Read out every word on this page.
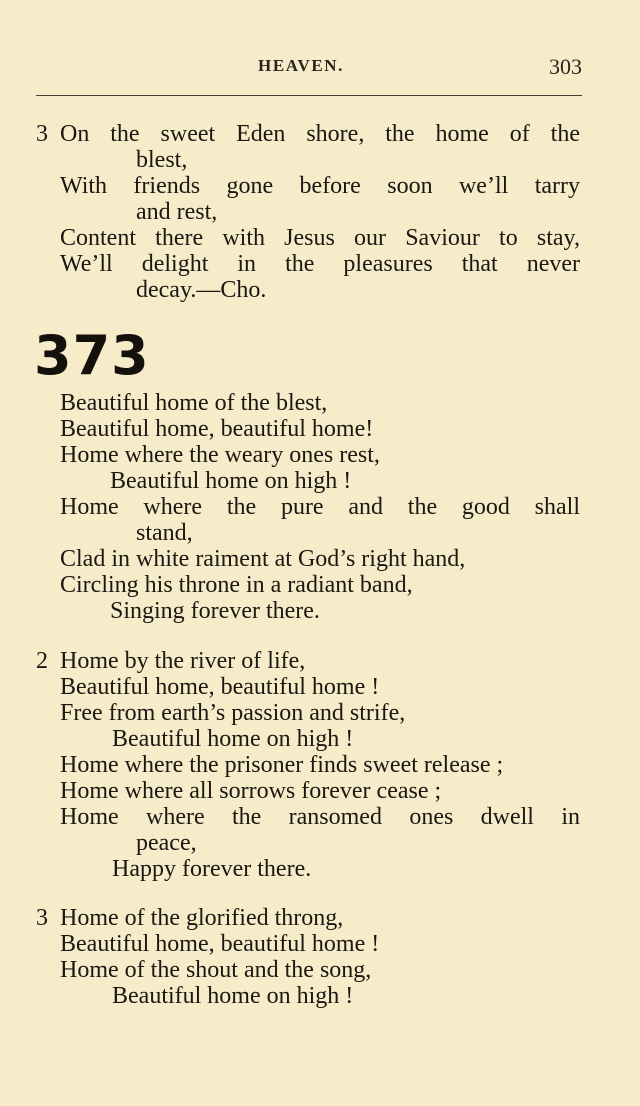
HEAVEN.	303
3 On the sweet Eden shore, the home of the
blest,
With friends gone before soon we’ll tarry
and rest,
Content there with Jesus our Saviour to stay,
We’ll delight in the pleasures that never
decay.—Cho.
373
Beautiful home of the blest,
Beautiful home, beautiful home!
Home where the weary ones rest,
Beautiful home on high !
Home where the pure and the good shall
stand,
Clad in white raiment at God’s right hand,
Circling his throne in a radiant band,
Singing forever there.
2 Home by the river of life,
Beautiful home, beautiful home !
Free from earth’s passion and strife,
Beautiful home on high !
Home where the prisoner finds sweet release ;
Home where all sorrows forever cease ;
Home where the ransomed ones dwell in
peace,
Happy forever there.
3 Home of the glorified throng,
Beautiful home, beautiful home !
Home of the shout and the song,
Beautiful home on high !
